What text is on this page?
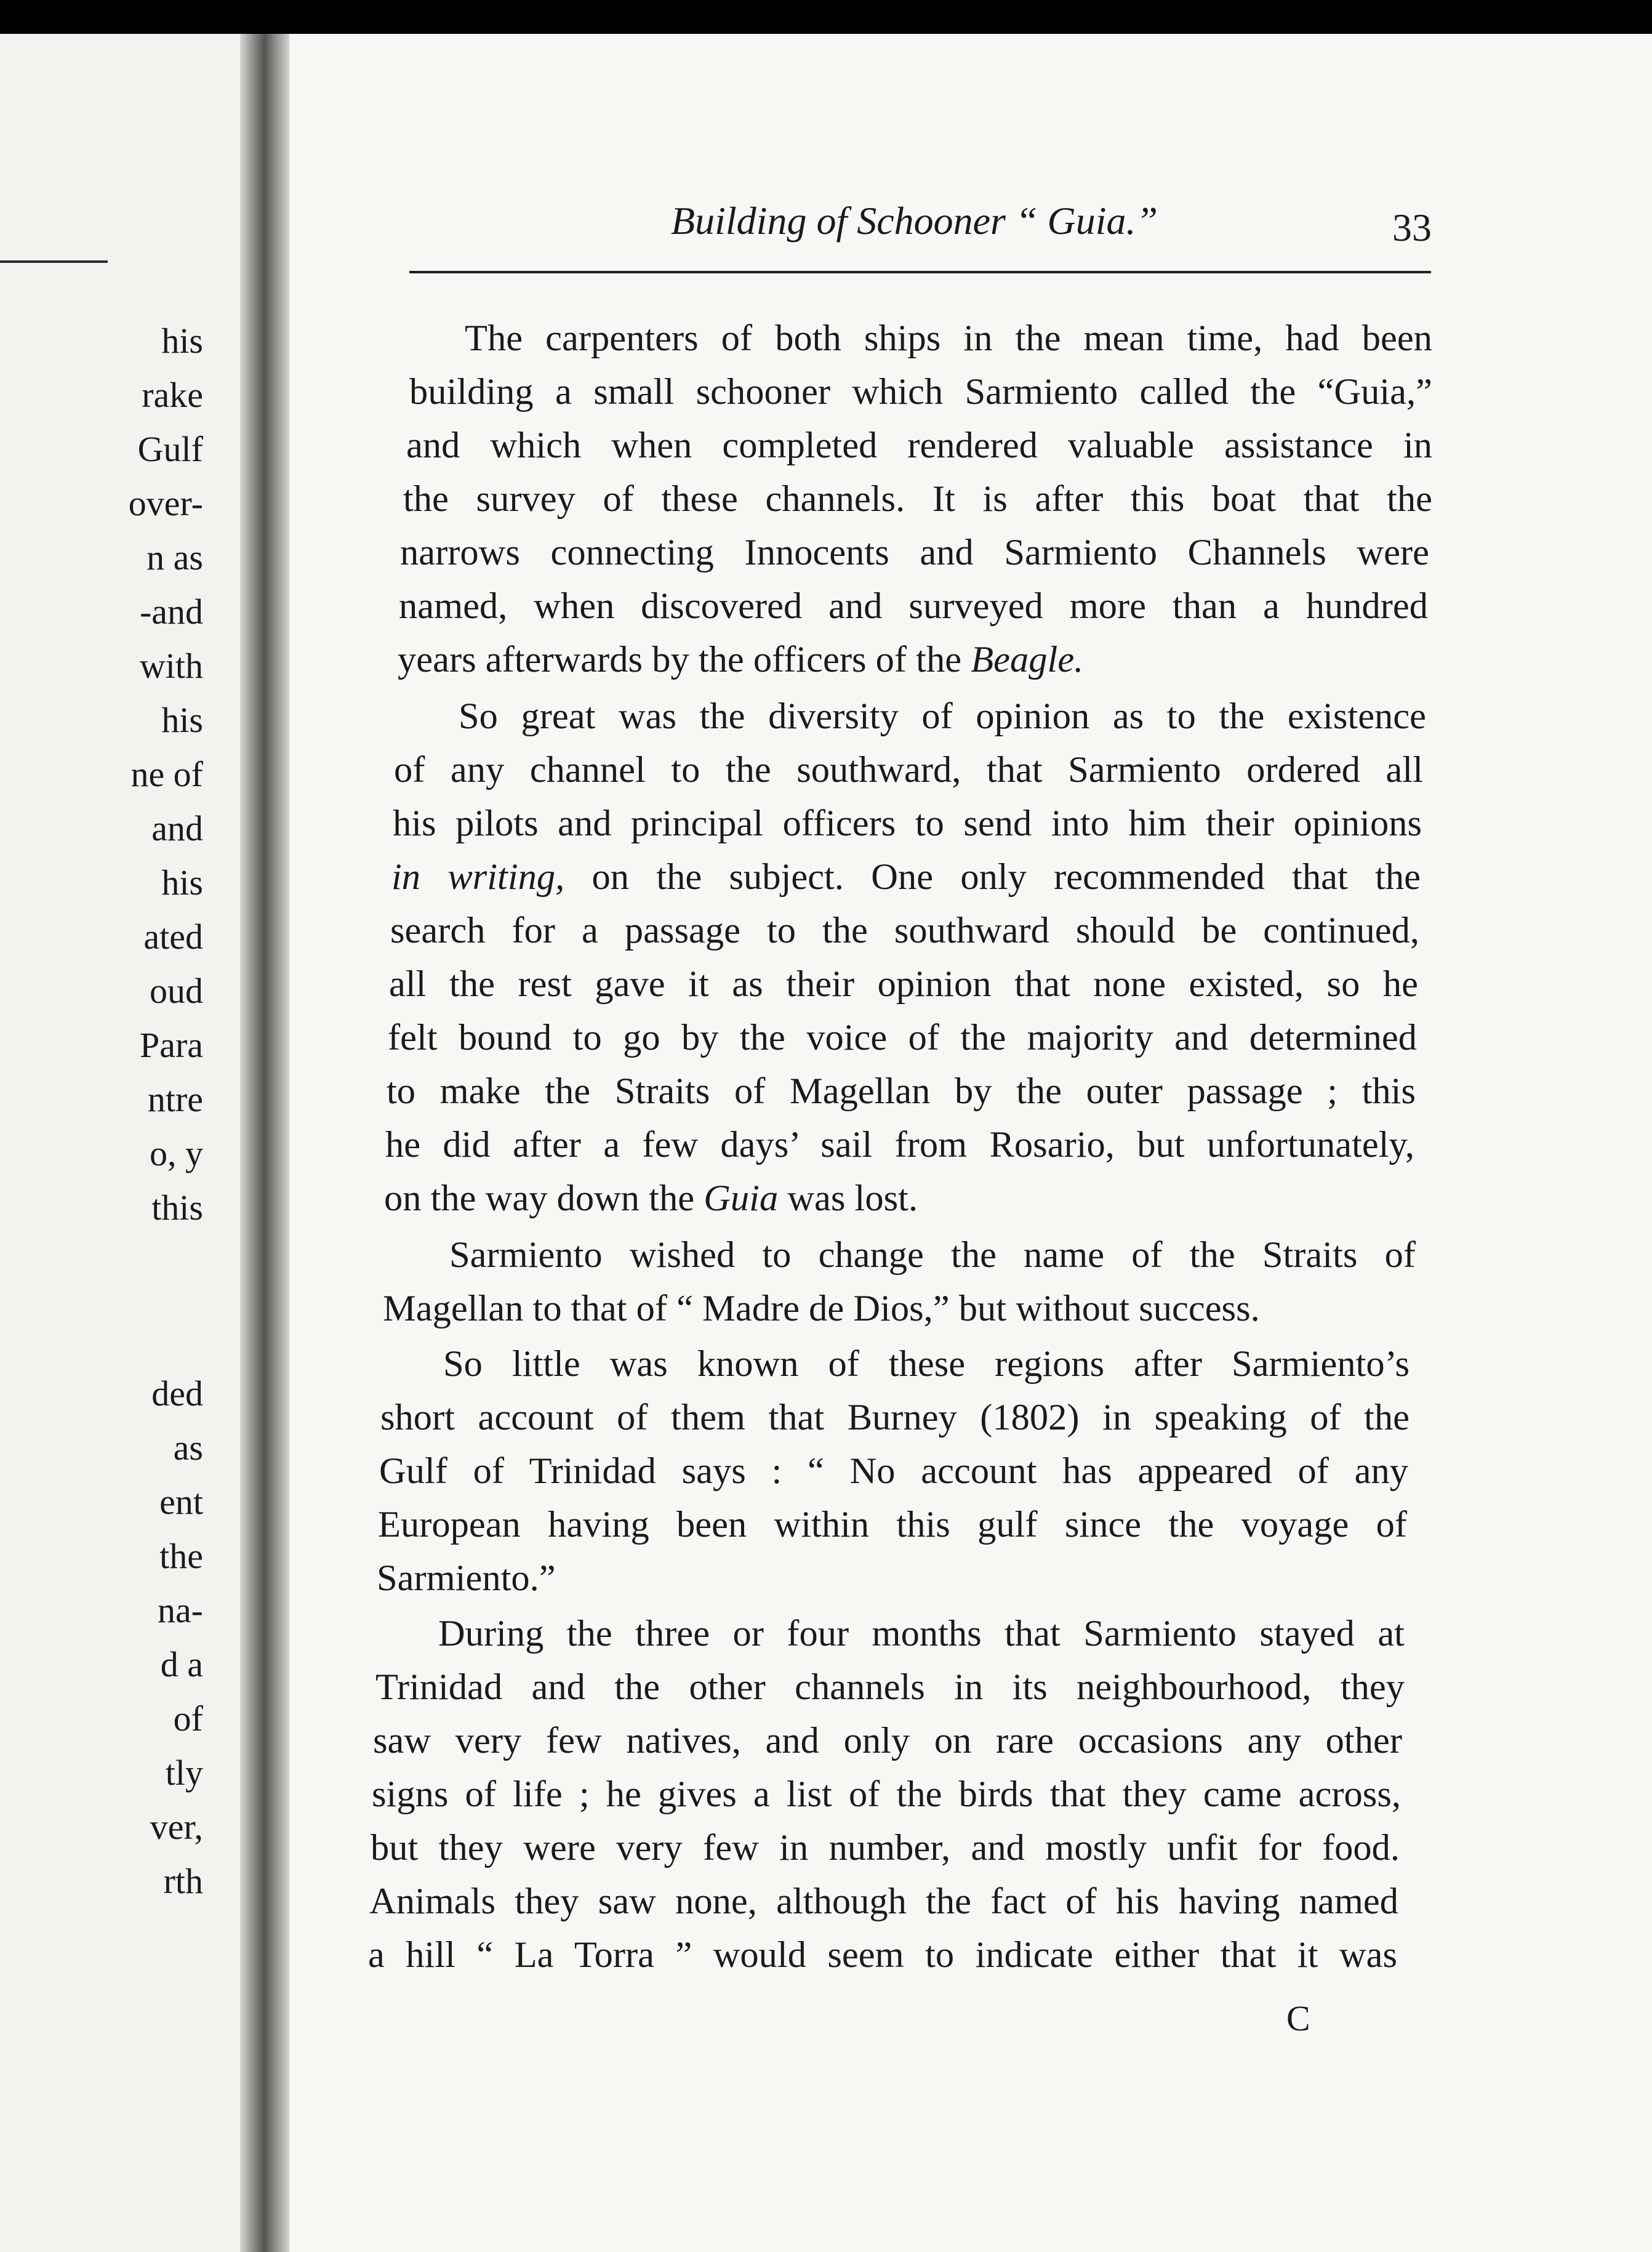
his
rake
Gulf
over-
n as
-and
with
his
ne of
and
his
ated
oud
Para
ntre
o, y
this
ded
as
ent
the
na-
d a
of
tly
ver,
rth
Building of Schooner “ Guia.”	33
The carpenters of both ships in the mean time, had been
building a small schooner which Sarmiento called the “Guia,”
and which when completed rendered valuable assistance in
the survey of these channels. It is after this boat that the
narrows connecting Innocents and Sarmiento Channels were
named, when discovered and surveyed more than a hundred
years afterwards by the officers of the Beagle.
So great was the diversity of opinion as to the existence
of any channel to the southward, that Sarmiento ordered all
his pilots and principal officers to send into him their opinions
in writing, on the subject. One only recommended that the
search for a passage to the southward should be continued,
all the rest gave it as their opinion that none existed, so he
felt bound to go by the voice of the majority and determined
to make the Straits of Magellan by the outer passage ; this
he did after a few days’ sail from Rosario, but unfortunately,
on the way down the Guia was lost.
Sarmiento wished to change the name of the Straits of
Magellan to that of “ Madre de Dios,” but without success.
So little was known of these regions after Sarmiento’s
short account of them that Burney (1802) in speaking of the
Gulf of Trinidad says : “ No account has appeared of any
European having been within this gulf since the voyage of
Sarmiento.”
During the three or four months that Sarmiento stayed at
Trinidad and the other channels in its neighbourhood, they
saw very few natives, and only on rare occasions any other
signs of life ; he gives a list of the birds that they came across,
but they were very few in number, and mostly unfit for food.
Animals they saw none, although the fact of his having named
a hill “ La Torra ” would seem to indicate either that it was
C
